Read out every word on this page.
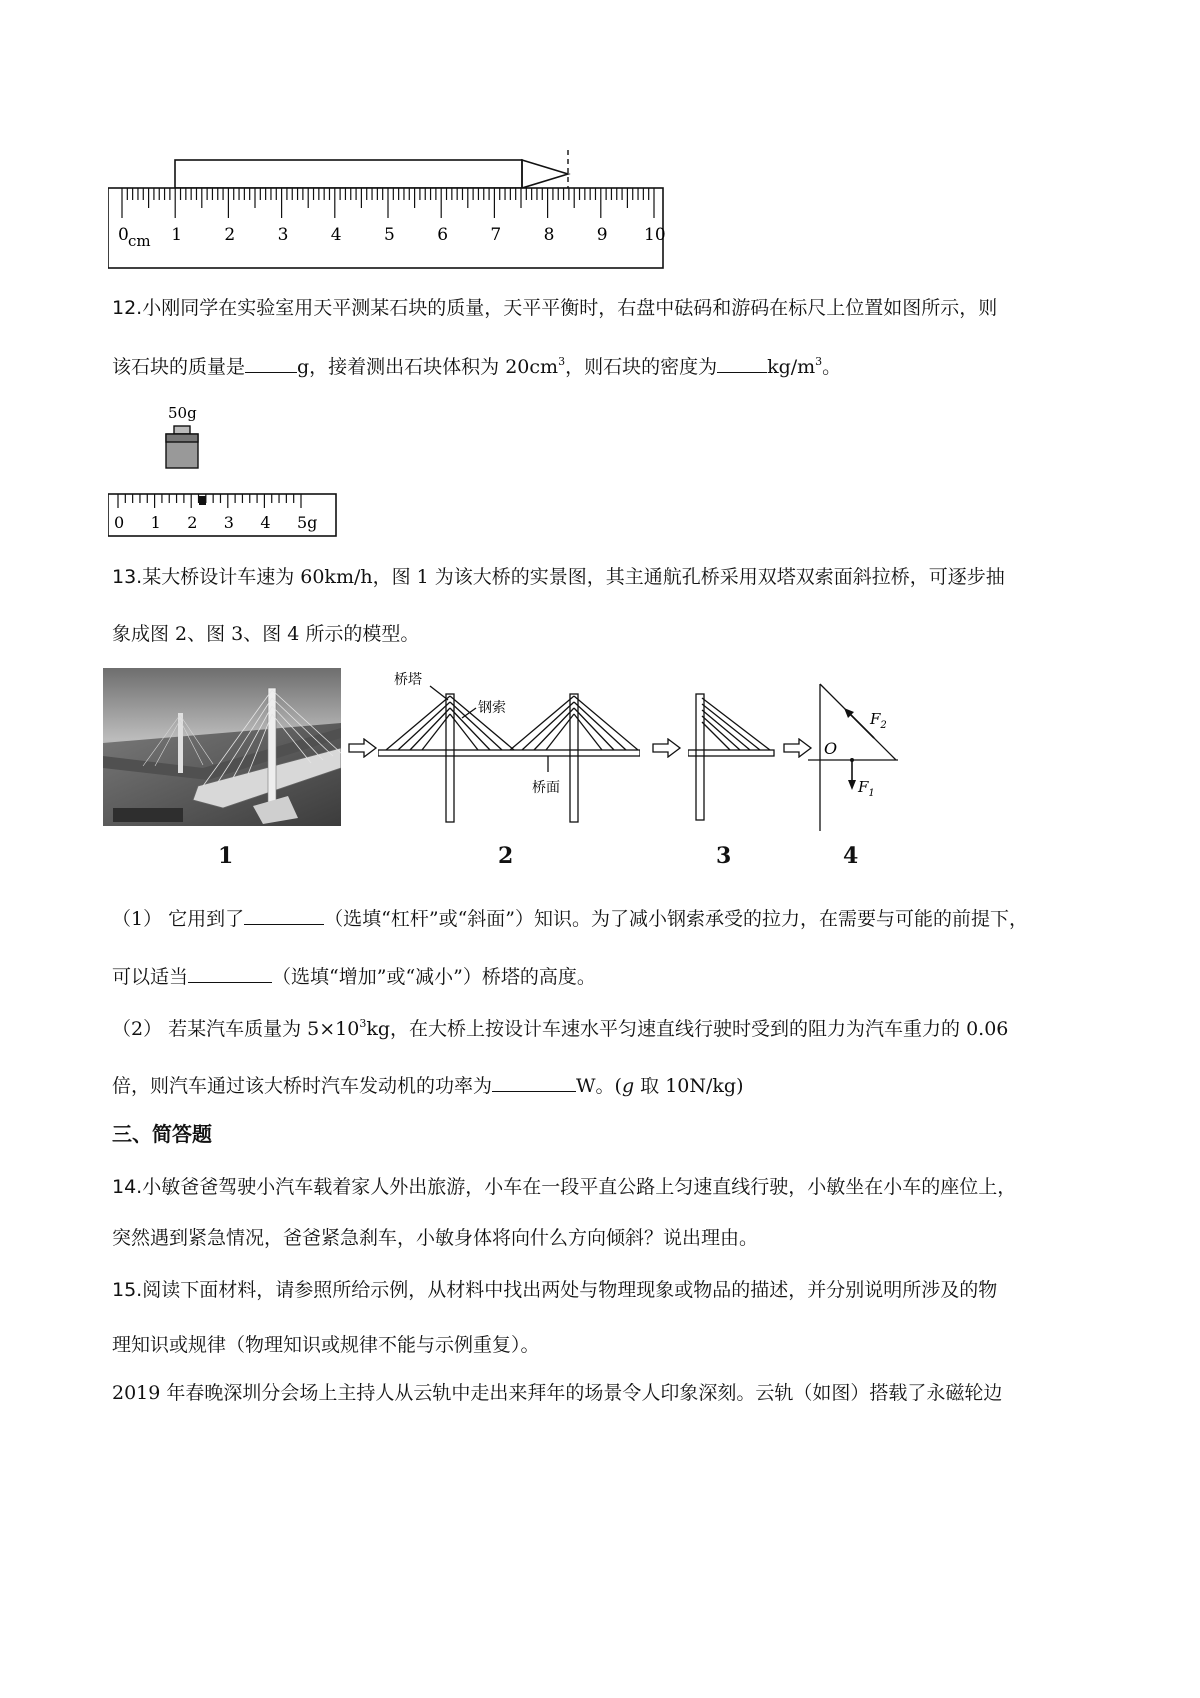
0 1 2 3 4 5 6 7 8 9 10
cm
12.小刚同学在实验室用天平测某石块的质量，天平平衡时，右盘中砝码和游码在标尺上位置如图所示，则
该石块的质量是	g，接着测出石块体积为 $20cm^3$，则石块的密度为	$kg/m^3$。
50g
0 1 2 3 4 5g
13.某大桥设计车速为 60km/h，图 1 为该大桥的实景图，其主通航孔桥采用双塔双索面斜拉桥，可逐步抽
象成图 2、图 3、图 4 所示的模型。
桥塔
钢索
桥面
O
$F_2$
$F_1$
1	2	3	4
（1） 它用到了	（选填“杠杆”或“斜面”）知识。为了减小钢索承受的拉力，在需要与可能的前提下，
可以适当	（选填“增加”或“减小”）桥塔的高度。
（2） 若某汽车质量为 $5\times 10^3kg$，在大桥上按设计车速水平匀速直线行驶时受到的阻力为汽车重力的 0.06
倍，则汽车通过该大桥时汽车发动机的功率为	W。(g 取 10N/kg)
三、简答题
14.小敏爸爸驾驶小汽车载着家人外出旅游，小车在一段平直公路上匀速直线行驶，小敏坐在小车的座位上，
突然遇到紧急情况，爸爸紧急刹车，小敏身体将向什么方向倾斜？说出理由。
15.阅读下面材料，请参照所给示例，从材料中找出两处与物理现象或物品的描述，并分别说明所涉及的物
理知识或规律（物理知识或规律不能与示例重复）。
2019 年春晚深圳分会场上主持人从云轨中走出来拜年的场景令人印象深刻。云轨（如图）搭载了永磁轮边
